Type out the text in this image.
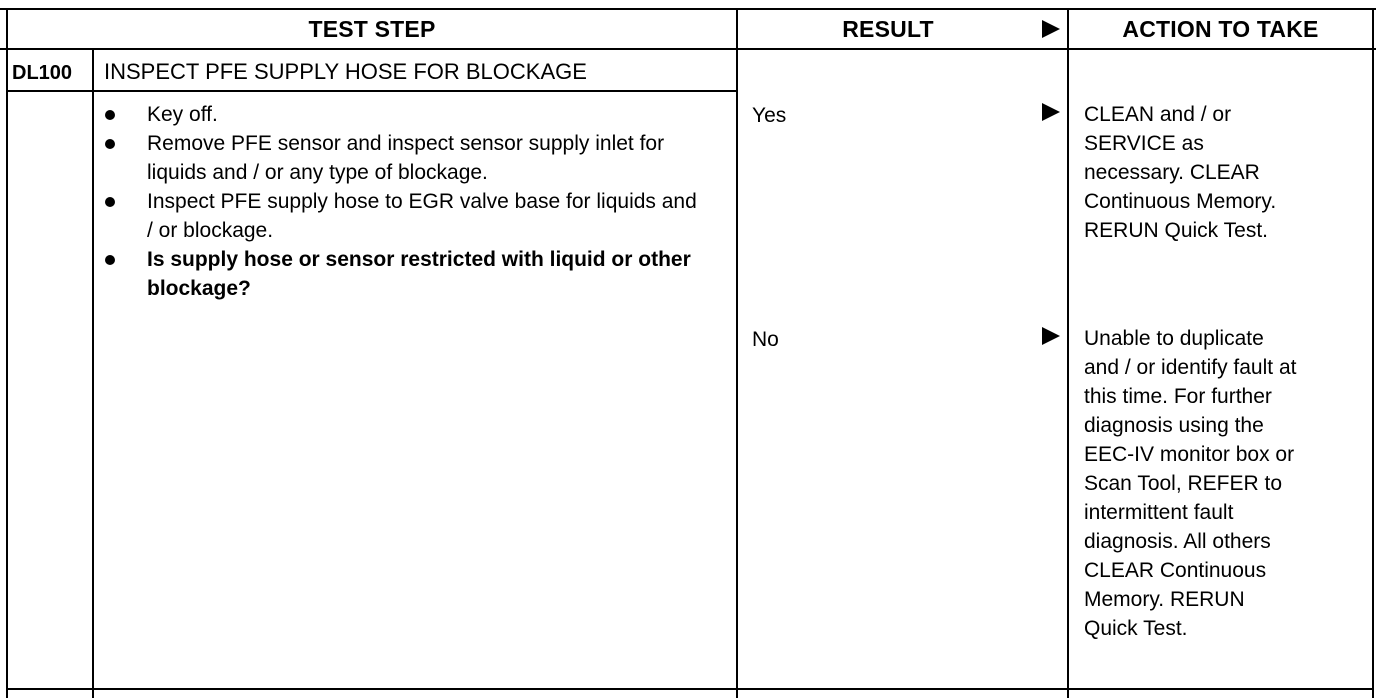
TEST STEP	RESULT	ACTION TO TAKE
DL100 INSPECT PFE SUPPLY HOSE FOR BLOCKAGE
Key off.
Remove PFE sensor and inspect sensor supply inlet for liquids and / or any type of blockage.
Inspect PFE supply hose to EGR valve base for liquids and / or blockage.
Is supply hose or sensor restricted with liquid or other blockage?
Yes	CLEAN and / or
SERVICE as
necessary. CLEAR
Continuous Memory.
RERUN Quick Test.
No	Unable to duplicate
and / or identify fault at
this time. For further
diagnosis using the
EEC-IV monitor box or
Scan Tool, REFER to
intermittent fault
diagnosis. All others
CLEAR Continuous
Memory. RERUN
Quick Test.
